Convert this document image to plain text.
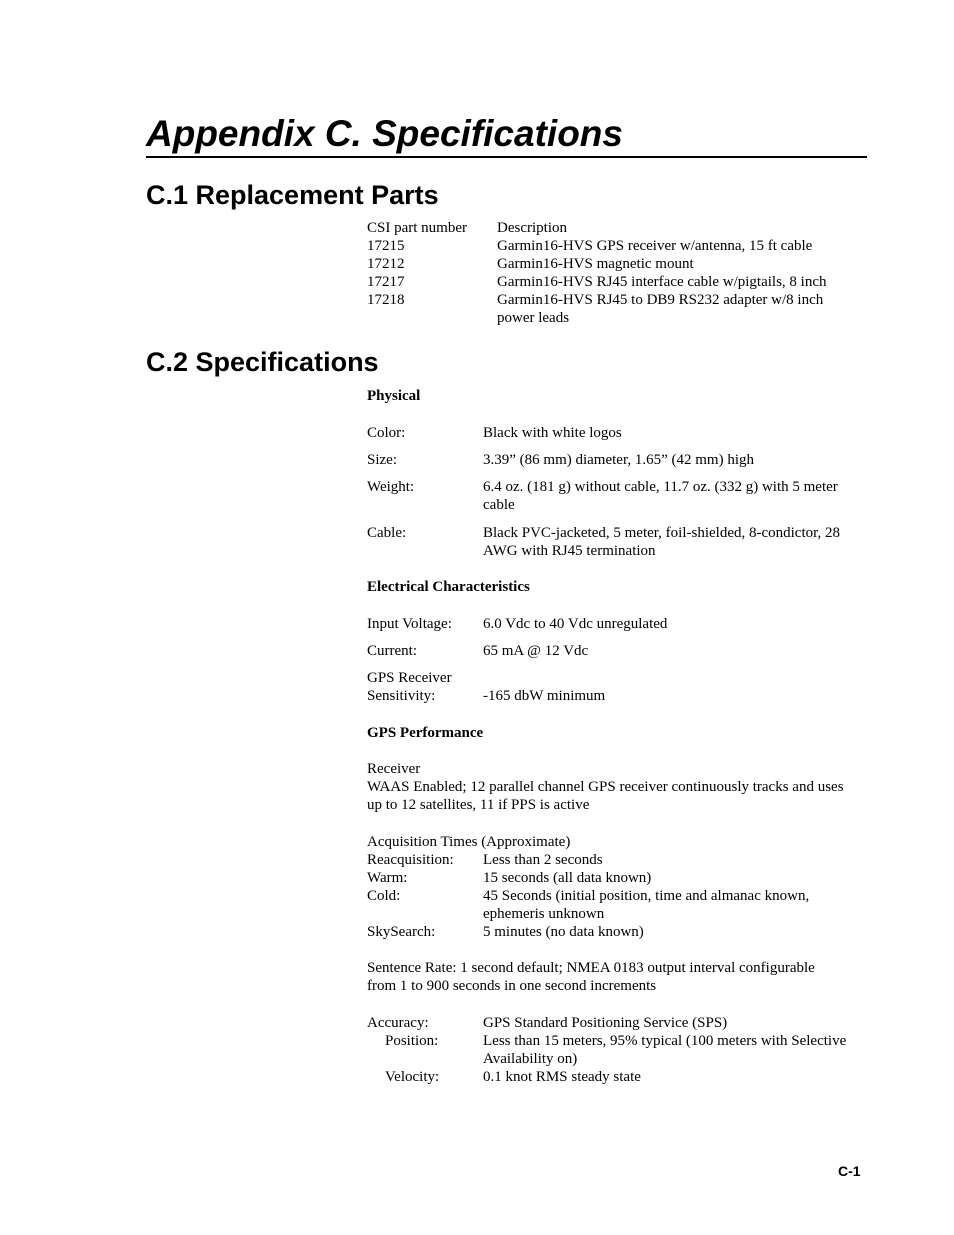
Appendix C. Specifications
C.1 Replacement Parts
CSI part number Description
17215	Garmin16-HVS GPS receiver w/antenna, 15 ft cable
17212	Garmin16-HVS magnetic mount
17217	Garmin16-HVS RJ45 interface cable w/pigtails, 8 inch
17218	Garmin16-HVS RJ45 to DB9 RS232 adapter w/8 inch
power leads
C.2 Specifications
Physical
Color:	Black with white logos
Size:	3.39” (86 mm) diameter, 1.65” (42 mm) high
Weight:	6.4 oz. (181 g) without cable, 11.7 oz. (332 g) with 5 meter
cable
Cable:	Black PVC-jacketed, 5 meter, foil-shielded, 8-condictor, 28
AWG with RJ45 termination
Electrical Characteristics
Input Voltage: 6.0 Vdc to 40 Vdc unregulated
Current:	65 mA @ 12 Vdc
GPS Receiver
Sensitivity:	-165 dbW minimum
GPS Performance
Receiver
WAAS Enabled; 12 parallel channel GPS receiver continuously tracks and uses
up to 12 satellites, 11 if PPS is active
Acquisition Times (Approximate)
Reacquisition: Less than 2 seconds
Warm:	15 seconds (all data known)
Cold:	45 Seconds (initial position, time and almanac known,
ephemeris unknown
SkySearch:	5 minutes (no data known)
Sentence Rate: 1 second default; NMEA 0183 output interval configurable
from 1 to 900 seconds in one second increments
Accuracy:	GPS Standard Positioning Service (SPS)
Position:	Less than 15 meters, 95% typical (100 meters with Selective
Availability on)
Velocity:	0.1 knot RMS steady state
C-1
